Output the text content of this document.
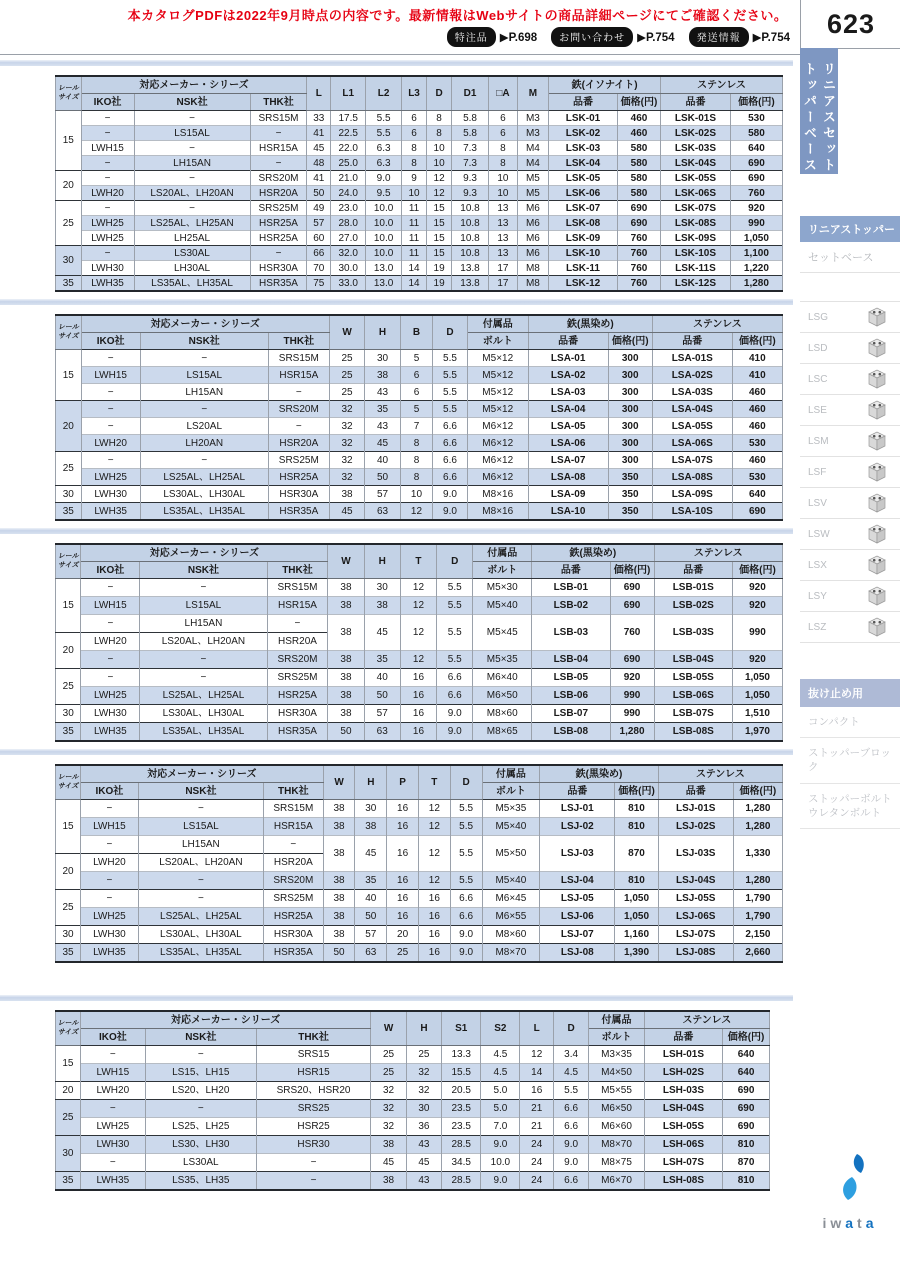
本カタログPDFは2022年9月時点の内容です。最新情報はWebサイトの商品詳細ページにてご確認ください。
特注品	▶P.698	お問い合わせ	▶P.754	発送情報	▶P.754 623
レール
サイズ	対応メーカー・シリーズ			L	L1	L2	L3	D	D1	□A	M	鉄(イソナイト)		ステンレス	

	IKO社	NSK社	THK社									品番	価格(円)	品番	価格(円)
15	−	−	SRS15M	33	17.5	5.5	6	8	5.8	6	M3	LSK-01	460	LSK-01S	530
	−	LS15AL	−	41	22.5	5.5	6	8	5.8	6	M3	LSK-02	460	LSK-02S	580
	LWH15	−	HSR15A	45	22.0	6.3	8	10	7.3	8	M4	LSK-03	580	LSK-03S	640
	−	LH15AN	−	48	25.0	6.3	8	10	7.3	8	M4	LSK-04	580	LSK-04S	690
20	−	−	SRS20M	41	21.0	9.0	9	12	9.3	10	M5	LSK-05	580	LSK-05S	690
	LWH20	LS20AL、LH20AN	HSR20A	50	24.0	9.5	10	12	9.3	10	M5	LSK-06	580	LSK-06S	760
25	−	−	SRS25M	49	23.0	10.0	11	15	10.8	13	M6	LSK-07	690	LSK-07S	920
	LWH25	LS25AL、LH25AN	HSR25A	57	28.0	10.0	11	15	10.8	13	M6	LSK-08	690	LSK-08S	990
	LWH25	LH25AL	HSR25A	60	27.0	10.0	11	15	10.8	13	M6	LSK-09	760	LSK-09S	1,050
30	−	LS30AL	−	66	32.0	10.0	11	15	10.8	13	M6	LSK-10	760	LSK-10S	1,100
	LWH30	LH30AL	HSR30A	70	30.0	13.0	14	19	13.8	17	M8	LSK-11	760	LSK-11S	1,220
35	LWH35	LS35AL、LH35AL	HSR35A	75	33.0	13.0	14	19	13.8	17	M8	LSK-12	760	LSK-12S	1,280
レール
サイズ	対応メーカー・シリーズ			W	H	B	D	付属品	鉄(黒染め)		ステンレス	

	IKO社	NSK社	THK社					ボルト	品番	価格(円)	品番	価格(円)
15	−	−	SRS15M	25	30	5	5.5	M5×12	LSA-01	300	LSA-01S	410
	LWH15	LS15AL	HSR15A	25	38	6	5.5	M5×12	LSA-02	300	LSA-02S	410
	−	LH15AN	−	25	43	6	5.5	M5×12	LSA-03	300	LSA-03S	460
20	−	−	SRS20M	32	35	5	5.5	M5×12	LSA-04	300	LSA-04S	460
	−	LS20AL	−	32	43	7	6.6	M6×12	LSA-05	300	LSA-05S	460
	LWH20	LH20AN	HSR20A	32	45	8	6.6	M6×12	LSA-06	300	LSA-06S	530
25	−	−	SRS25M	32	40	8	6.6	M6×12	LSA-07	300	LSA-07S	460
	LWH25	LS25AL、LH25AL	HSR25A	32	50	8	6.6	M6×12	LSA-08	350	LSA-08S	530
30	LWH30	LS30AL、LH30AL	HSR30A	38	57	10	9.0	M8×16	LSA-09	350	LSA-09S	640
35	LWH35	LS35AL、LH35AL	HSR35A	45	63	12	9.0	M8×16	LSA-10	350	LSA-10S	690
レール
サイズ	対応メーカー・シリーズ			W	H	T	D	付属品	鉄(黒染め)		ステンレス	

	IKO社	NSK社	THK社					ボルト	品番	価格(円)	品番	価格(円)
15	−	−	SRS15M	38	30	12	5.5	M5×30	LSB-01	690	LSB-01S	920
	LWH15	LS15AL	HSR15A	38	38	12	5.5	M5×40	LSB-02	690	LSB-02S	920
	−	LH15AN	−	38	45	12	5.5	M5×45	LSB-03	760	LSB-03S	990
20	LWH20	LS20AL、LH20AN	HSR20A									
	−	−	SRS20M	38	35	12	5.5	M5×35	LSB-04	690	LSB-04S	920
25	−	−	SRS25M	38	40	16	6.6	M6×40	LSB-05	920	LSB-05S	1,050
	LWH25	LS25AL、LH25AL	HSR25A	38	50	16	6.6	M6×50	LSB-06	990	LSB-06S	1,050
30	LWH30	LS30AL、LH30AL	HSR30A	38	57	16	9.0	M8×60	LSB-07	990	LSB-07S	1,510
35	LWH35	LS35AL、LH35AL	HSR35A	50	63	16	9.0	M8×65	LSB-08	1,280	LSB-08S	1,970
レール
サイズ	対応メーカー・シリーズ			W	H	P	T	D	付属品	鉄(黒染め)		ステンレス	

	IKO社	NSK社	THK社						ボルト	品番	価格(円)	品番	価格(円)
15	−	−	SRS15M	38	30	16	12	5.5	M5×35	LSJ-01	810	LSJ-01S	1,280
	LWH15	LS15AL	HSR15A	38	38	16	12	5.5	M5×40	LSJ-02	810	LSJ-02S	1,280
	−	LH15AN	−	38	45	16	12	5.5	M5×50	LSJ-03	870	LSJ-03S	1,330
20	LWH20	LS20AL、LH20AN	HSR20A										
	−	−	SRS20M	38	35	16	12	5.5	M5×40	LSJ-04	810	LSJ-04S	1,280
25	−	−	SRS25M	38	40	16	16	6.6	M6×45	LSJ-05	1,050	LSJ-05S	1,790
	LWH25	LS25AL、LH25AL	HSR25A	38	50	16	16	6.6	M6×55	LSJ-06	1,050	LSJ-06S	1,790
30	LWH30	LS30AL、LH30AL	HSR30A	38	57	20	16	9.0	M8×60	LSJ-07	1,160	LSJ-07S	2,150
35	LWH35	LS35AL、LH35AL	HSR35A	50	63	25	16	9.0	M8×70	LSJ-08	1,390	LSJ-08S	2,660
レール
サイズ	対応メーカー・シリーズ			W	H	S1	S2	L	D	付属品	ステンレス	

	IKO社	NSK社	THK社							ボルト	品番	価格(円)
15	−	−	SRS15	25	25	13.3	4.5	12	3.4	M3×35	LSH-01S	640
	LWH15	LS15、LH15	HSR15	25	32	15.5	4.5	14	4.5	M4×50	LSH-02S	640
20	LWH20	LS20、LH20	SRS20、HSR20	32	32	20.5	5.0	16	5.5	M5×55	LSH-03S	690
25	−	−	SRS25	32	30	23.5	5.0	21	6.6	M6×50	LSH-04S	690
	LWH25	LS25、LH25	HSR25	32	36	23.5	7.0	21	6.6	M6×60	LSH-05S	690
30	LWH30	LS30、LH30	HSR30	38	43	28.5	9.0	24	9.0	M8×70	LSH-06S	810
	−	LS30AL	−	45	45	34.5	10.0	24	9.0	M8×75	LSH-07S	870
35	LWH35	LS35、LH35	−	38	43	28.5	9.0	24	6.6	M6×70	LSH-08S	810
リニアストッパー
セットベース
リニアストッパー
セットベース
LSG
LSD
LSC
LSE
LSM
LSF
LSV
LSW
LSX
LSY
LSZ
抜け止め用
コンパクト
ストッパーブロック
ストッパーボルト
ウレタンボルト
iwata
